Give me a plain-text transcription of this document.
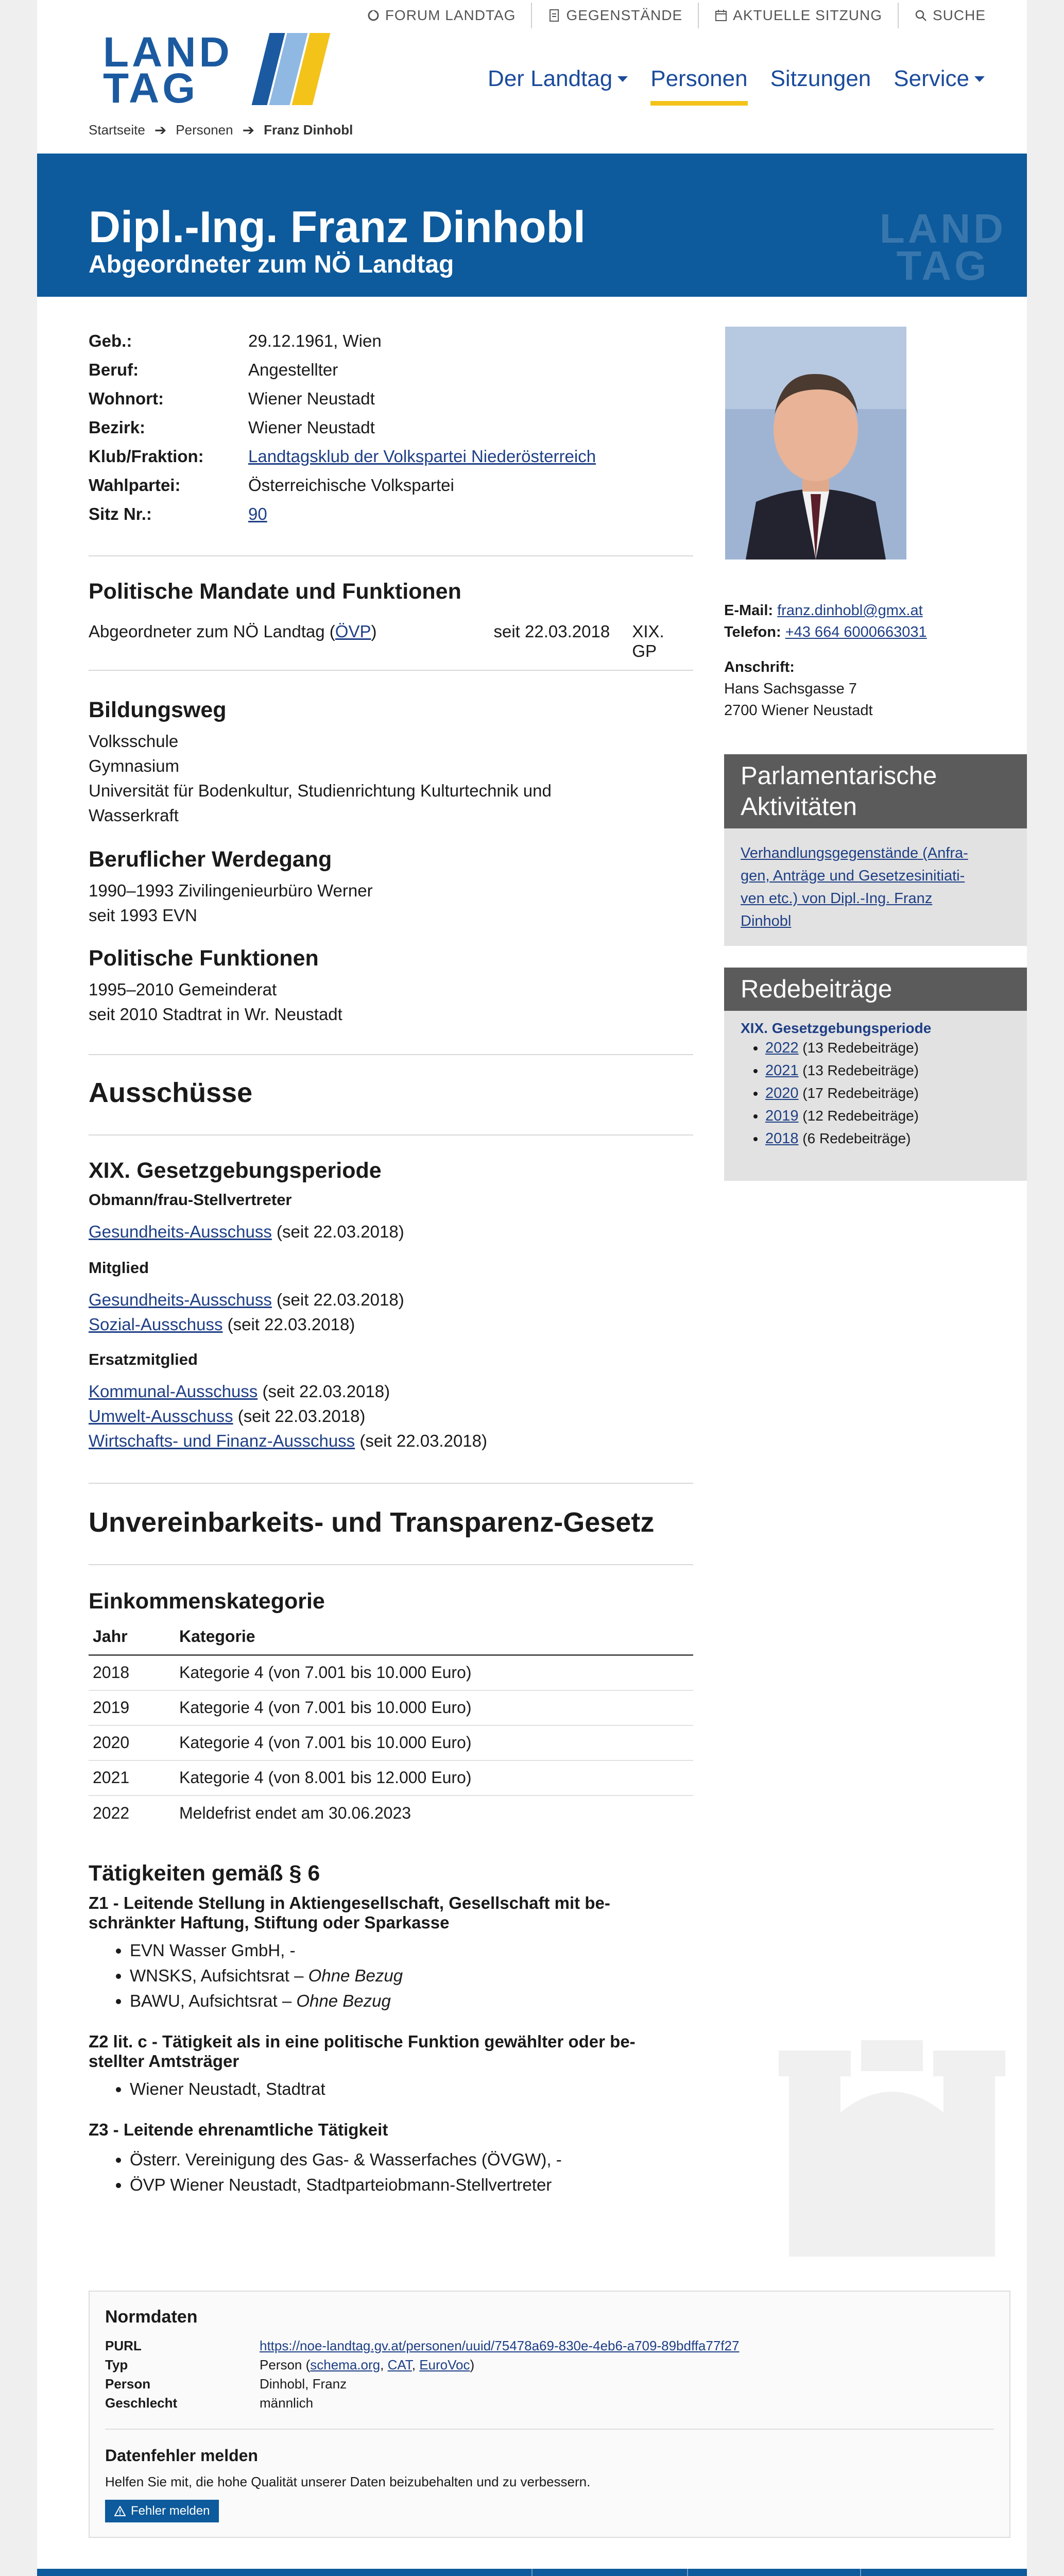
LAND
TAG
FORUM LANDTAG	GEGENSTÄNDE	AKTUELLE SITZUNG	SUCHE
Der Landtag Personen Sitzungen Service
Startseite ➔ Personen ➔ Franz Dinhobl
Dipl.-Ing. Franz Dinhobl
Abgeordneter zum NÖ Landtag
LAND
TAG
Geb.:	29.12.1961, Wien
Beruf:	Angestellter
Wohnort:	Wiener Neustadt
Bezirk:	Wiener Neustadt
Klub/Fraktion:	Landtagsklub der Volkspartei Niederösterreich
Wahlpartei:	Österreichische Volkspartei
Sitz Nr.:	90
Politische Mandate und Funktionen
Abgeordneter zum NÖ Landtag (ÖVP)	seit 22.03.2018	XIX. GP
Bildungsweg
Volksschule
Gymnasium
Universität für Bodenkultur, Studienrichtung Kulturtechnik und
Wasserkraft
Beruflicher Werdegang
1990–1993 Zivilingenieurbüro Werner
seit 1993 EVN
Politische Funktionen
1995–2010 Gemeinderat
seit 2010 Stadtrat in Wr. Neustadt
Ausschüsse
XIX. Gesetzgebungsperiode
Obmann/frau-Stellvertreter
Gesundheits-Ausschuss (seit 22.03.2018)
Mitglied
Gesundheits-Ausschuss (seit 22.03.2018)
Sozial-Ausschuss (seit 22.03.2018)
Ersatzmitglied
Kommunal-Ausschuss (seit 22.03.2018)
Umwelt-Ausschuss (seit 22.03.2018)
Wirtschafts- und Finanz-Ausschuss (seit 22.03.2018)
Unvereinbarkeits- und Transparenz-Gesetz
Einkommenskategorie
Jahr	Kategorie
2018	Kategorie 4 (von 7.001 bis 10.000 Euro)
2019	Kategorie 4 (von 7.001 bis 10.000 Euro)
2020	Kategorie 4 (von 7.001 bis 10.000 Euro)
2021	Kategorie 4 (von 8.001 bis 12.000 Euro)
2022	Meldefrist endet am 30.06.2023
Tätigkeiten gemäß § 6
Z1 - Leitende Stellung in Aktiengesellschaft, Gesellschaft mit be-
schränkter Haftung, Stiftung oder Sparkasse
• EVN Wasser GmbH, -
• WNSKS, Aufsichtsrat – Ohne Bezug
• BAWU, Aufsichtsrat – Ohne Bezug
Z2 lit. c - Tätigkeit als in eine politische Funktion gewählter oder be-
stellter Amtsträger
• Wiener Neustadt, Stadtrat
Z3 - Leitende ehrenamtliche Tätigkeit
• Österr. Vereinigung des Gas- & Wasserfaches (ÖVGW), -
• ÖVP Wiener Neustadt, Stadtparteiobmann-Stellvertreter
E-Mail: franz.dinhobl@gmx.at
Telefon: +43 664 6000663031
Anschrift:
Hans Sachsgasse 7
2700 Wiener Neustadt
Parlamentarische
Aktivitäten
Verhandlungsgegenstände (Anfra-
gen, Anträge und Gesetzesinitiati-
ven etc.) von Dipl.-Ing. Franz
Dinhobl
Redebeiträge
XIX. Gesetzgebungsperiode
• 2022 (13 Redebeiträge)
• 2021 (13 Redebeiträge)
• 2020 (17 Redebeiträge)
• 2019 (12 Redebeiträge)
• 2018 (6 Redebeiträge)
Normdaten
PURL	https://noe-landtag.gv.at/personen/uuid/75478a69-830e-4eb6-a709-89bdffa77f27
Typ	Person (schema.org, CAT, EuroVoc)
Person	Dinhobl, Franz
Geschlecht	männlich
Datenfehler melden
Helfen Sie mit, die hohe Qualität unserer Daten beizubehalten und zu verbessern.
Fehler melden
